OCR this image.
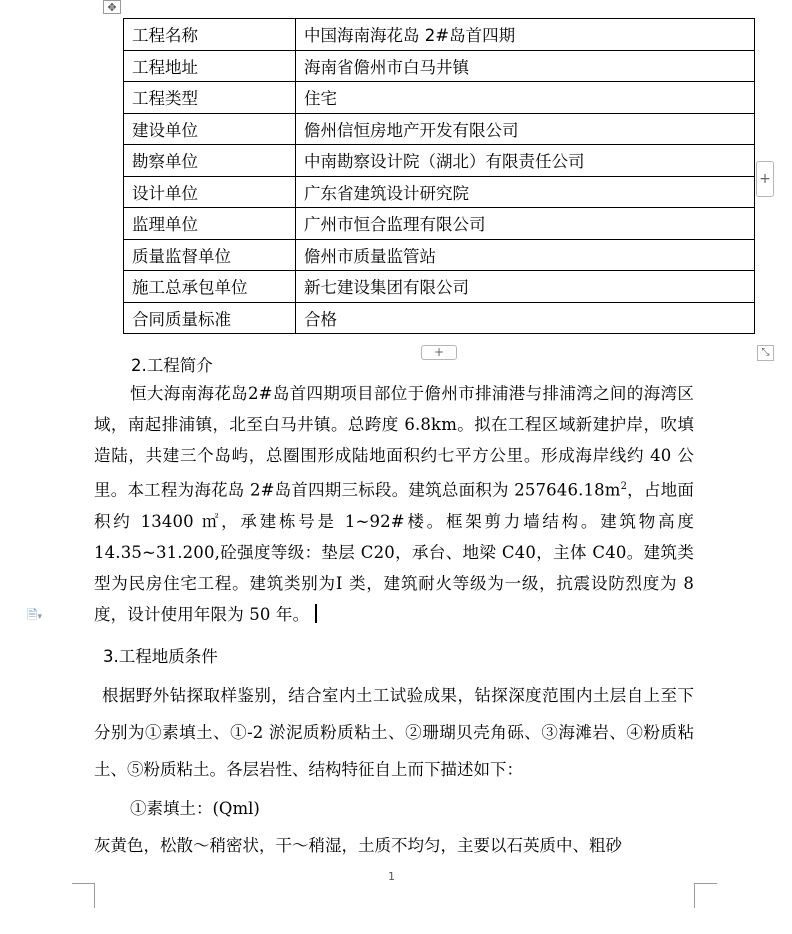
✥
工程名称	中国海南海花岛 2#岛首四期
工程地址	海南省儋州市白马井镇
工程类型	住宅
建设单位	儋州信恒房地产开发有限公司
勘察单位	中南勘察设计院（湖北）有限责任公司
设计单位	广东省建筑设计研究院
监理单位	广州市恒合监理有限公司
质量监督单位	儋州市质量监管站
施工总承包单位	新七建设集团有限公司
合同质量标准	合格
+
+	⤡
2.工程简介

恒大海南海花岛2#岛首四期项目部位于儋州市排浦港与排浦湾之间的海湾区域，南起排浦镇，北至白马井镇。总跨度 6.8km。拟在工程区域新建护岸，吹填造陆，共建三个岛屿，总圈围形成陆地面积约七平方公里。形成海岸线约 40 公里。本工程为海花岛 2#岛首四期三标段。建筑总面积为 $257646.18m^2$，占地面积约 13400 ㎡，承建栋号是 1~92#楼。框架剪力墙结构。建筑物高度 14.35~31.200,砼强度等级：垫层 C20，承台、地梁 C40，主体 C40。建筑类型为民房住宅工程。建筑类别为Ⅰ 类，建筑耐火等级为一级，抗震设防烈度为 8 度，设计使用年限为 50 年。

🗎▾
3.工程地质条件

根据野外钻探取样鉴别，结合室内土工试验成果，钻探深度范围内土层自上至下分别为①素填土、①-2 淤泥质粉质粘土、②珊瑚贝壳角砾、③海滩岩、④粉质粘土、⑤粉质粘土。各层岩性、结构特征自上而下描述如下：

①素填土：(Qml)
灰黄色，松散～稍密状，干～稍湿，土质不均匀，主要以石英质中、粗砂
1
